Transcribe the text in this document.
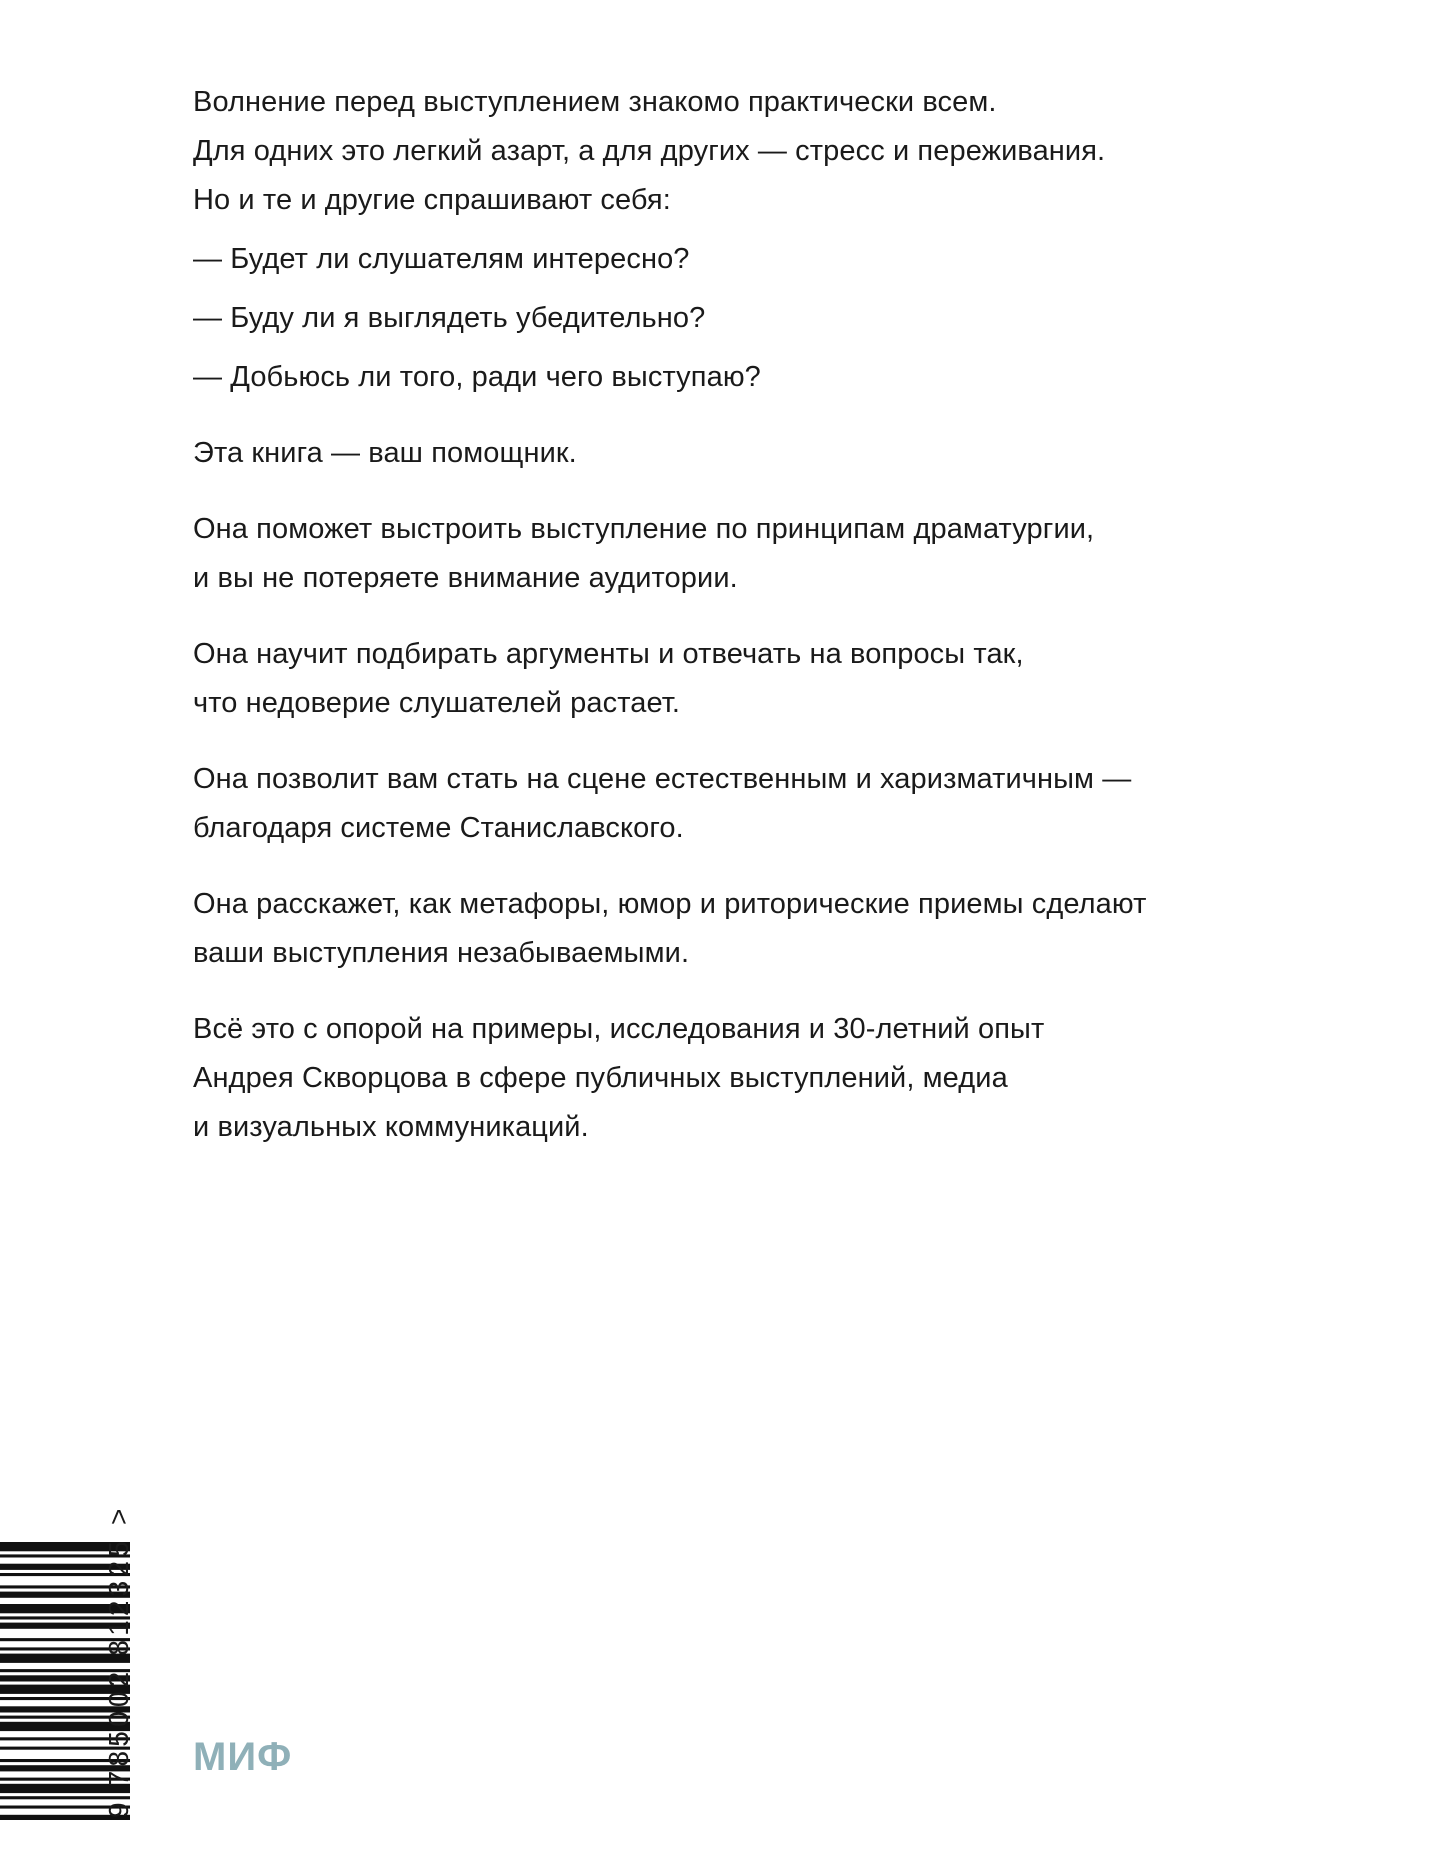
Волнение перед выступлением знакомо практически всем.
Для одних это легкий азарт, а для других — стресс и переживания.
Но и те и другие спрашивают себя:

— Будет ли слушателям интересно?

— Буду ли я выглядеть убедительно?

— Добьюсь ли того, ради чего выступаю?

Эта книга — ваш помощник.

Она поможет выстроить выступление по принципам драматургии,
и вы не потеряете внимание аудитории.

Она научит подбирать аргументы и отвечать на вопросы так,
что недоверие слушателей растает.

Она позволит вам стать на сцене естественным и харизматичным —
благодаря системе Станиславского.

Она расскажет, как метафоры, юмор и риторические приемы сделают
ваши выступления незабываемыми.

Всё это с опорой на примеры, исследования и 30-летний опыт
Андрея Скворцова в сфере публичных выступлений, медиа
и визуальных коммуникаций.

9 785002 812325 > МИФ
